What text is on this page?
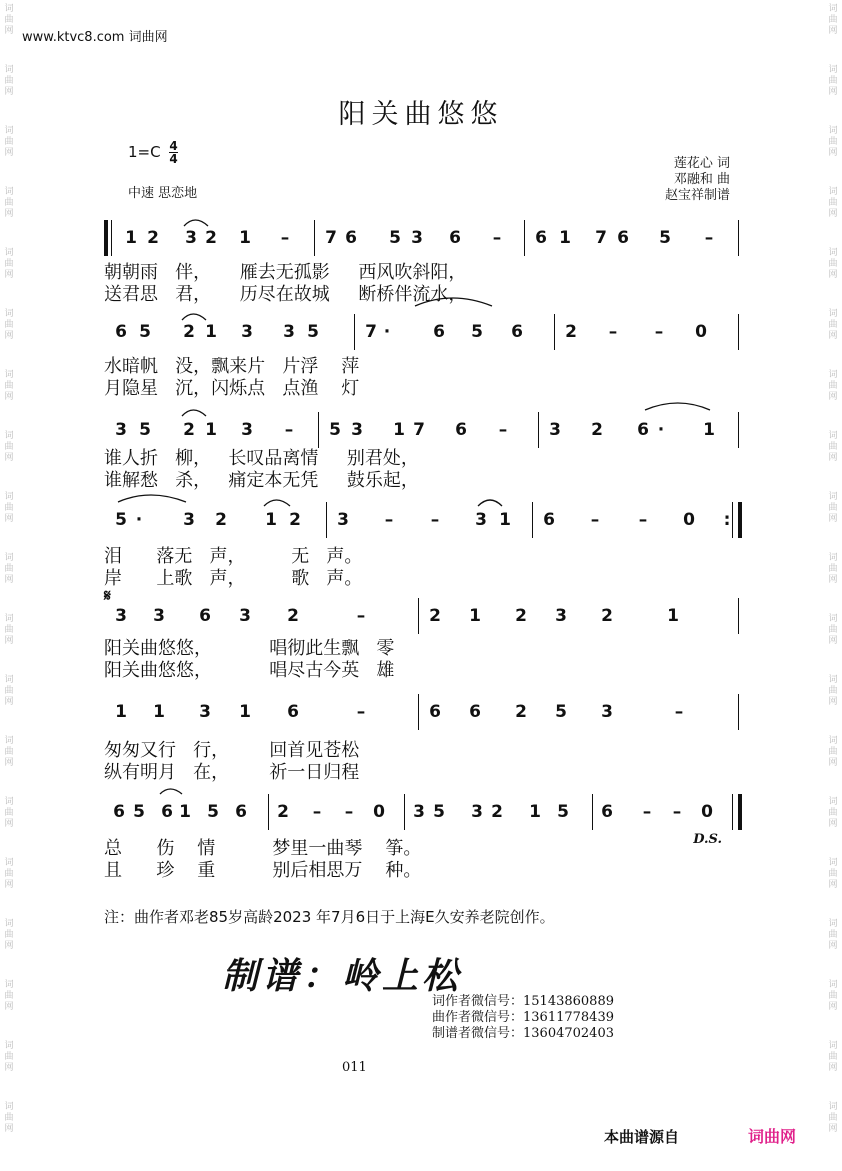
词曲网
词曲网
词曲网
词曲网
词曲网
词曲网
词曲网
词曲网
词曲网
词曲网
词曲网
词曲网
词曲网
词曲网
词曲网
词曲网
词曲网
词曲网
词曲网
词曲网
词曲网
词曲网
词曲网
词曲网
词曲网
词曲网
词曲网
词曲网
词曲网
词曲网
词曲网
词曲网
词曲网
词曲网
词曲网
词曲网
词曲网
词曲网
www.ktvc8.com 词曲网
阳关曲悠悠
$1=C \frac{4}{4}$
中速 思恋地
莲花心 词
邓融和 曲
赵宝祥制谱
1 2 3 2 1 – 7 6 5 3 6 – 6 1 7 6 5 –
朝朝雨   伴，     雁去无孤影     西风吹斜阳，
送君思   君，     历尽在故城     断桥伴流水，
6 5 2 1 3 3 5	7 ·	6 5 6 2 – – 0
水暗帆   没，飘来片   片浮    萍
月隐星   沉，闪烁点   点渔    灯
3 5 2 1 3 – 5 3 1 7 6 – 3 2 6 ·	1
谁人折   柳，   长叹品离情     别君处，
谁解愁   杀，   痛定本无凭     鼓乐起，
5 ·	3 2 1 2 3 – – 3 1 6 – – 0	:
泪      落无   声，        无   声。
岸      上歌   声，        歌   声。
𝄋
3 3 6 3 2	–	2 1 2 3 2	1
阳关曲悠悠，          唱彻此生飘   零
阳关曲悠悠，          唱尽古今英   雄
1 1 3 1 6	–	6 6 2 5 3	–
匆匆又行   行，       回首见苍松
纵有明月   在，       祈一日归程
6 5 6 1 5 6 2 – – 0 3 5 3 2 1 5 6 – – 0
D.S.
总      伤    情          梦里一曲琴    筝。
且      珍    重          别后相思万    种。
注：曲作者邓老85岁高龄2023 年7月6日于上海E久安养老院创作。
制谱：岭上松
词作者微信号：15143860889
曲作者微信号：13611778439
制谱者微信号：13604702403
011
本曲谱源自	词曲网
